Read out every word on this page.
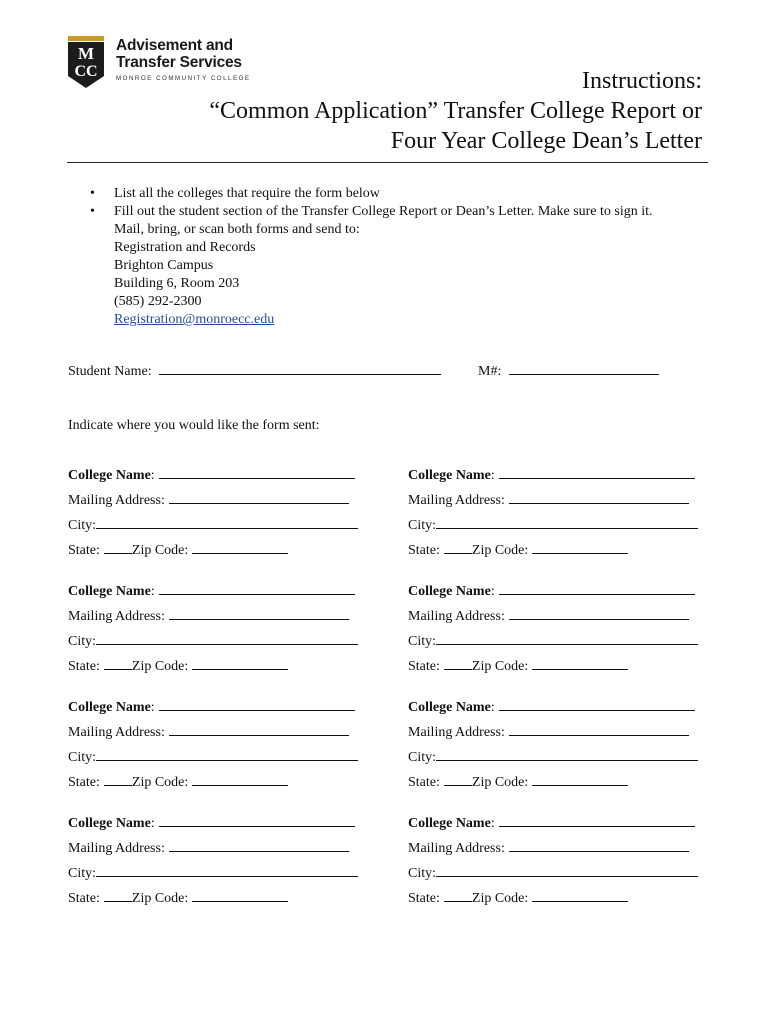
M
CC
Advisement and
Transfer Services
MONROE COMMUNITY COLLEGE	Instructions:
“Common Application” Transfer College Report or
Four Year College Dean’s Letter
• List all the colleges that require the form below
• Fill out the student section of the Transfer College Report or Dean’s Letter. Make sure to sign it.
Mail, bring, or scan both forms and send to:
Registration and Records
Brighton Campus
Building 6, Room 203
(585) 292-2300
Registration@monroecc.edu
Student Name:	M#:
Indicate where you would like the form sent:
College Name:
Mailing Address:
City:
State: Zip Code:
College Name:
Mailing Address:
City:
State: Zip Code:
College Name:
Mailing Address:
City:
State: Zip Code:
College Name:
Mailing Address:
City:
State: Zip Code:
College Name:
Mailing Address:
City:
State: Zip Code:
College Name:
Mailing Address:
City:
State: Zip Code:
College Name:
Mailing Address:
City:
State: Zip Code:
College Name:
Mailing Address:
City:
State: Zip Code:
